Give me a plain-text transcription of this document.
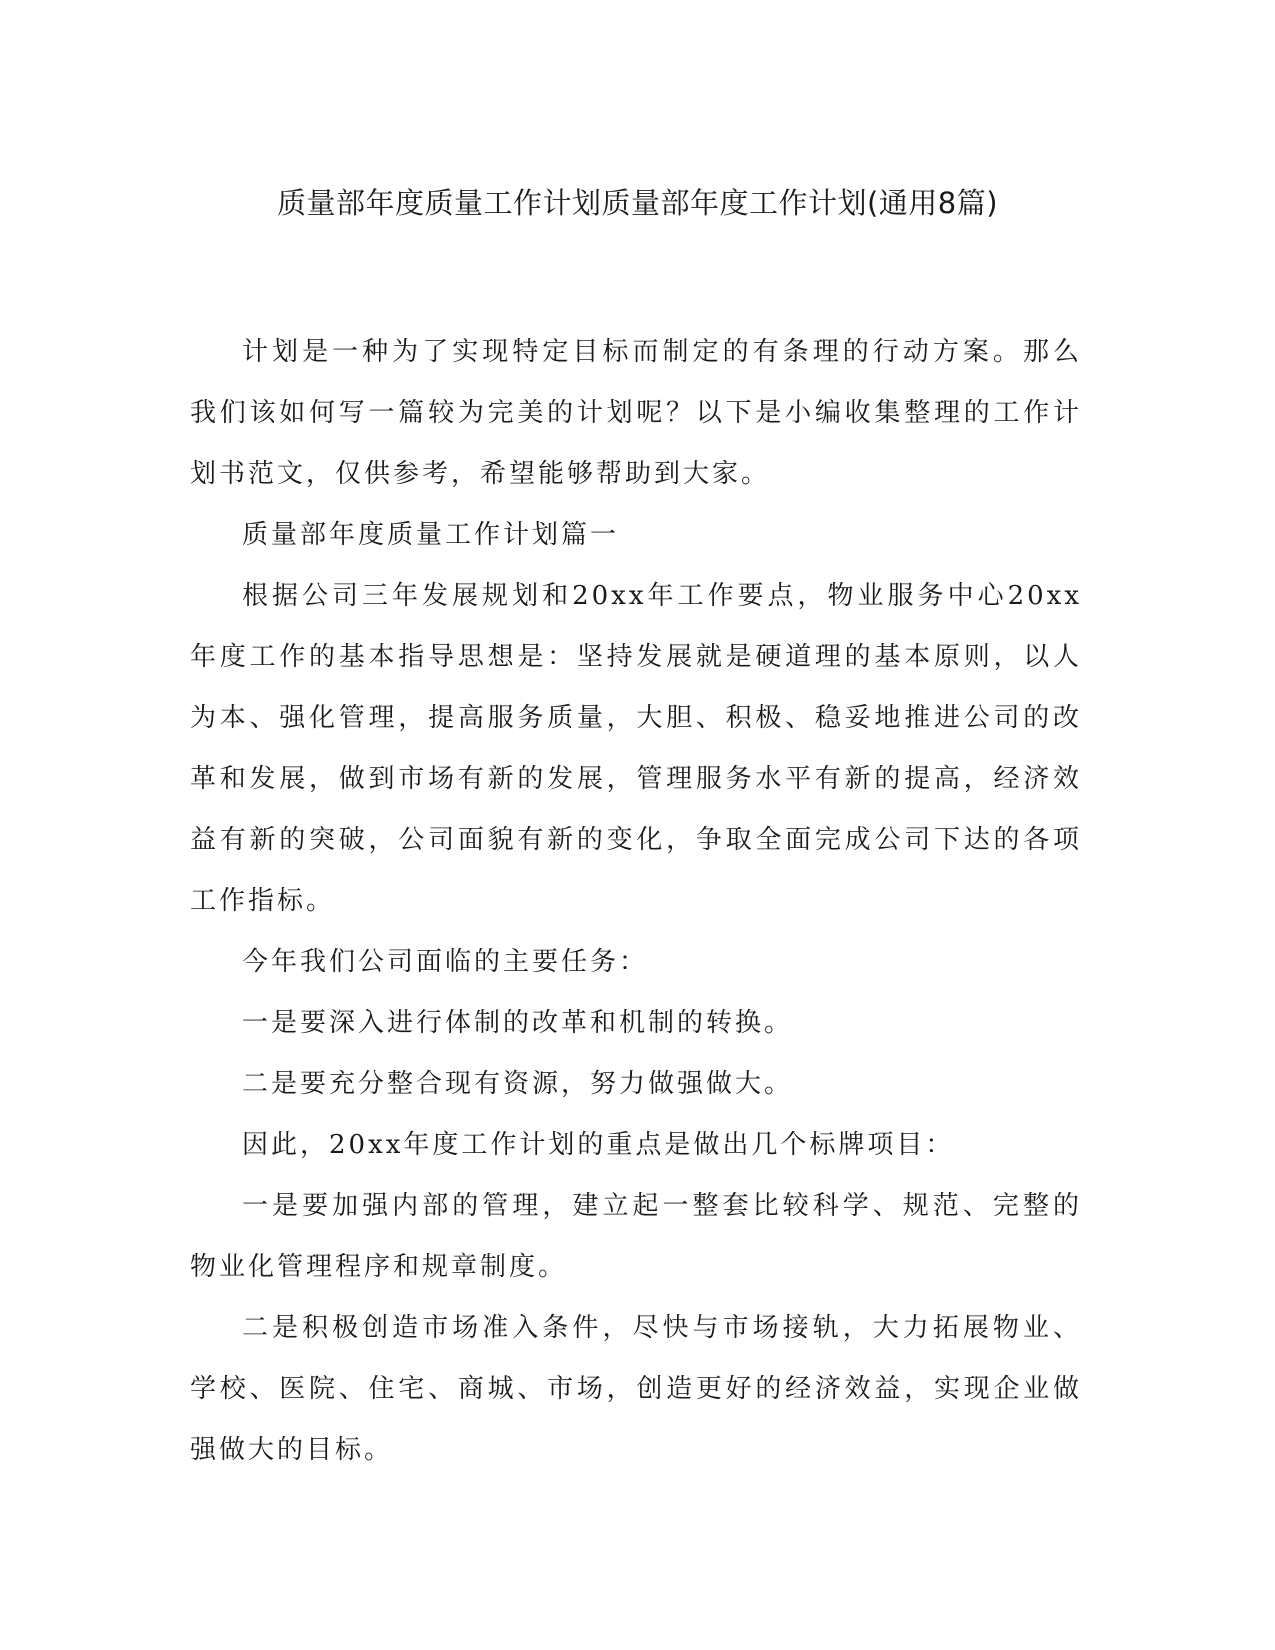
质量部年度质量工作计划质量部年度工作计划(通用8篇)

计划是一种为了实现特定目标而制定的有条理的行动方案。那么我们该如何写一篇较为完美的计划呢？以下是小编收集整理的工作计划书范文，仅供参考，希望能够帮助到大家。

质量部年度质量工作计划篇一

根据公司三年发展规划和20xx年工作要点，物业服务中心20xx年度工作的基本指导思想是：坚持发展就是硬道理的基本原则，以人为本、强化管理，提高服务质量，大胆、积极、稳妥地推进公司的改革和发展，做到市场有新的发展，管理服务水平有新的提高，经济效益有新的突破，公司面貌有新的变化，争取全面完成公司下达的各项工作指标。

今年我们公司面临的主要任务：

一是要深入进行体制的改革和机制的转换。

二是要充分整合现有资源，努力做强做大。

因此，20xx年度工作计划的重点是做出几个标牌项目：

一是要加强内部的管理，建立起一整套比较科学、规范、完整的物业化管理程序和规章制度。

二是积极创造市场准入条件，尽快与市场接轨，大力拓展物业、学校、医院、住宅、商城、市场，创造更好的经济效益，实现企业做强做大的目标。
